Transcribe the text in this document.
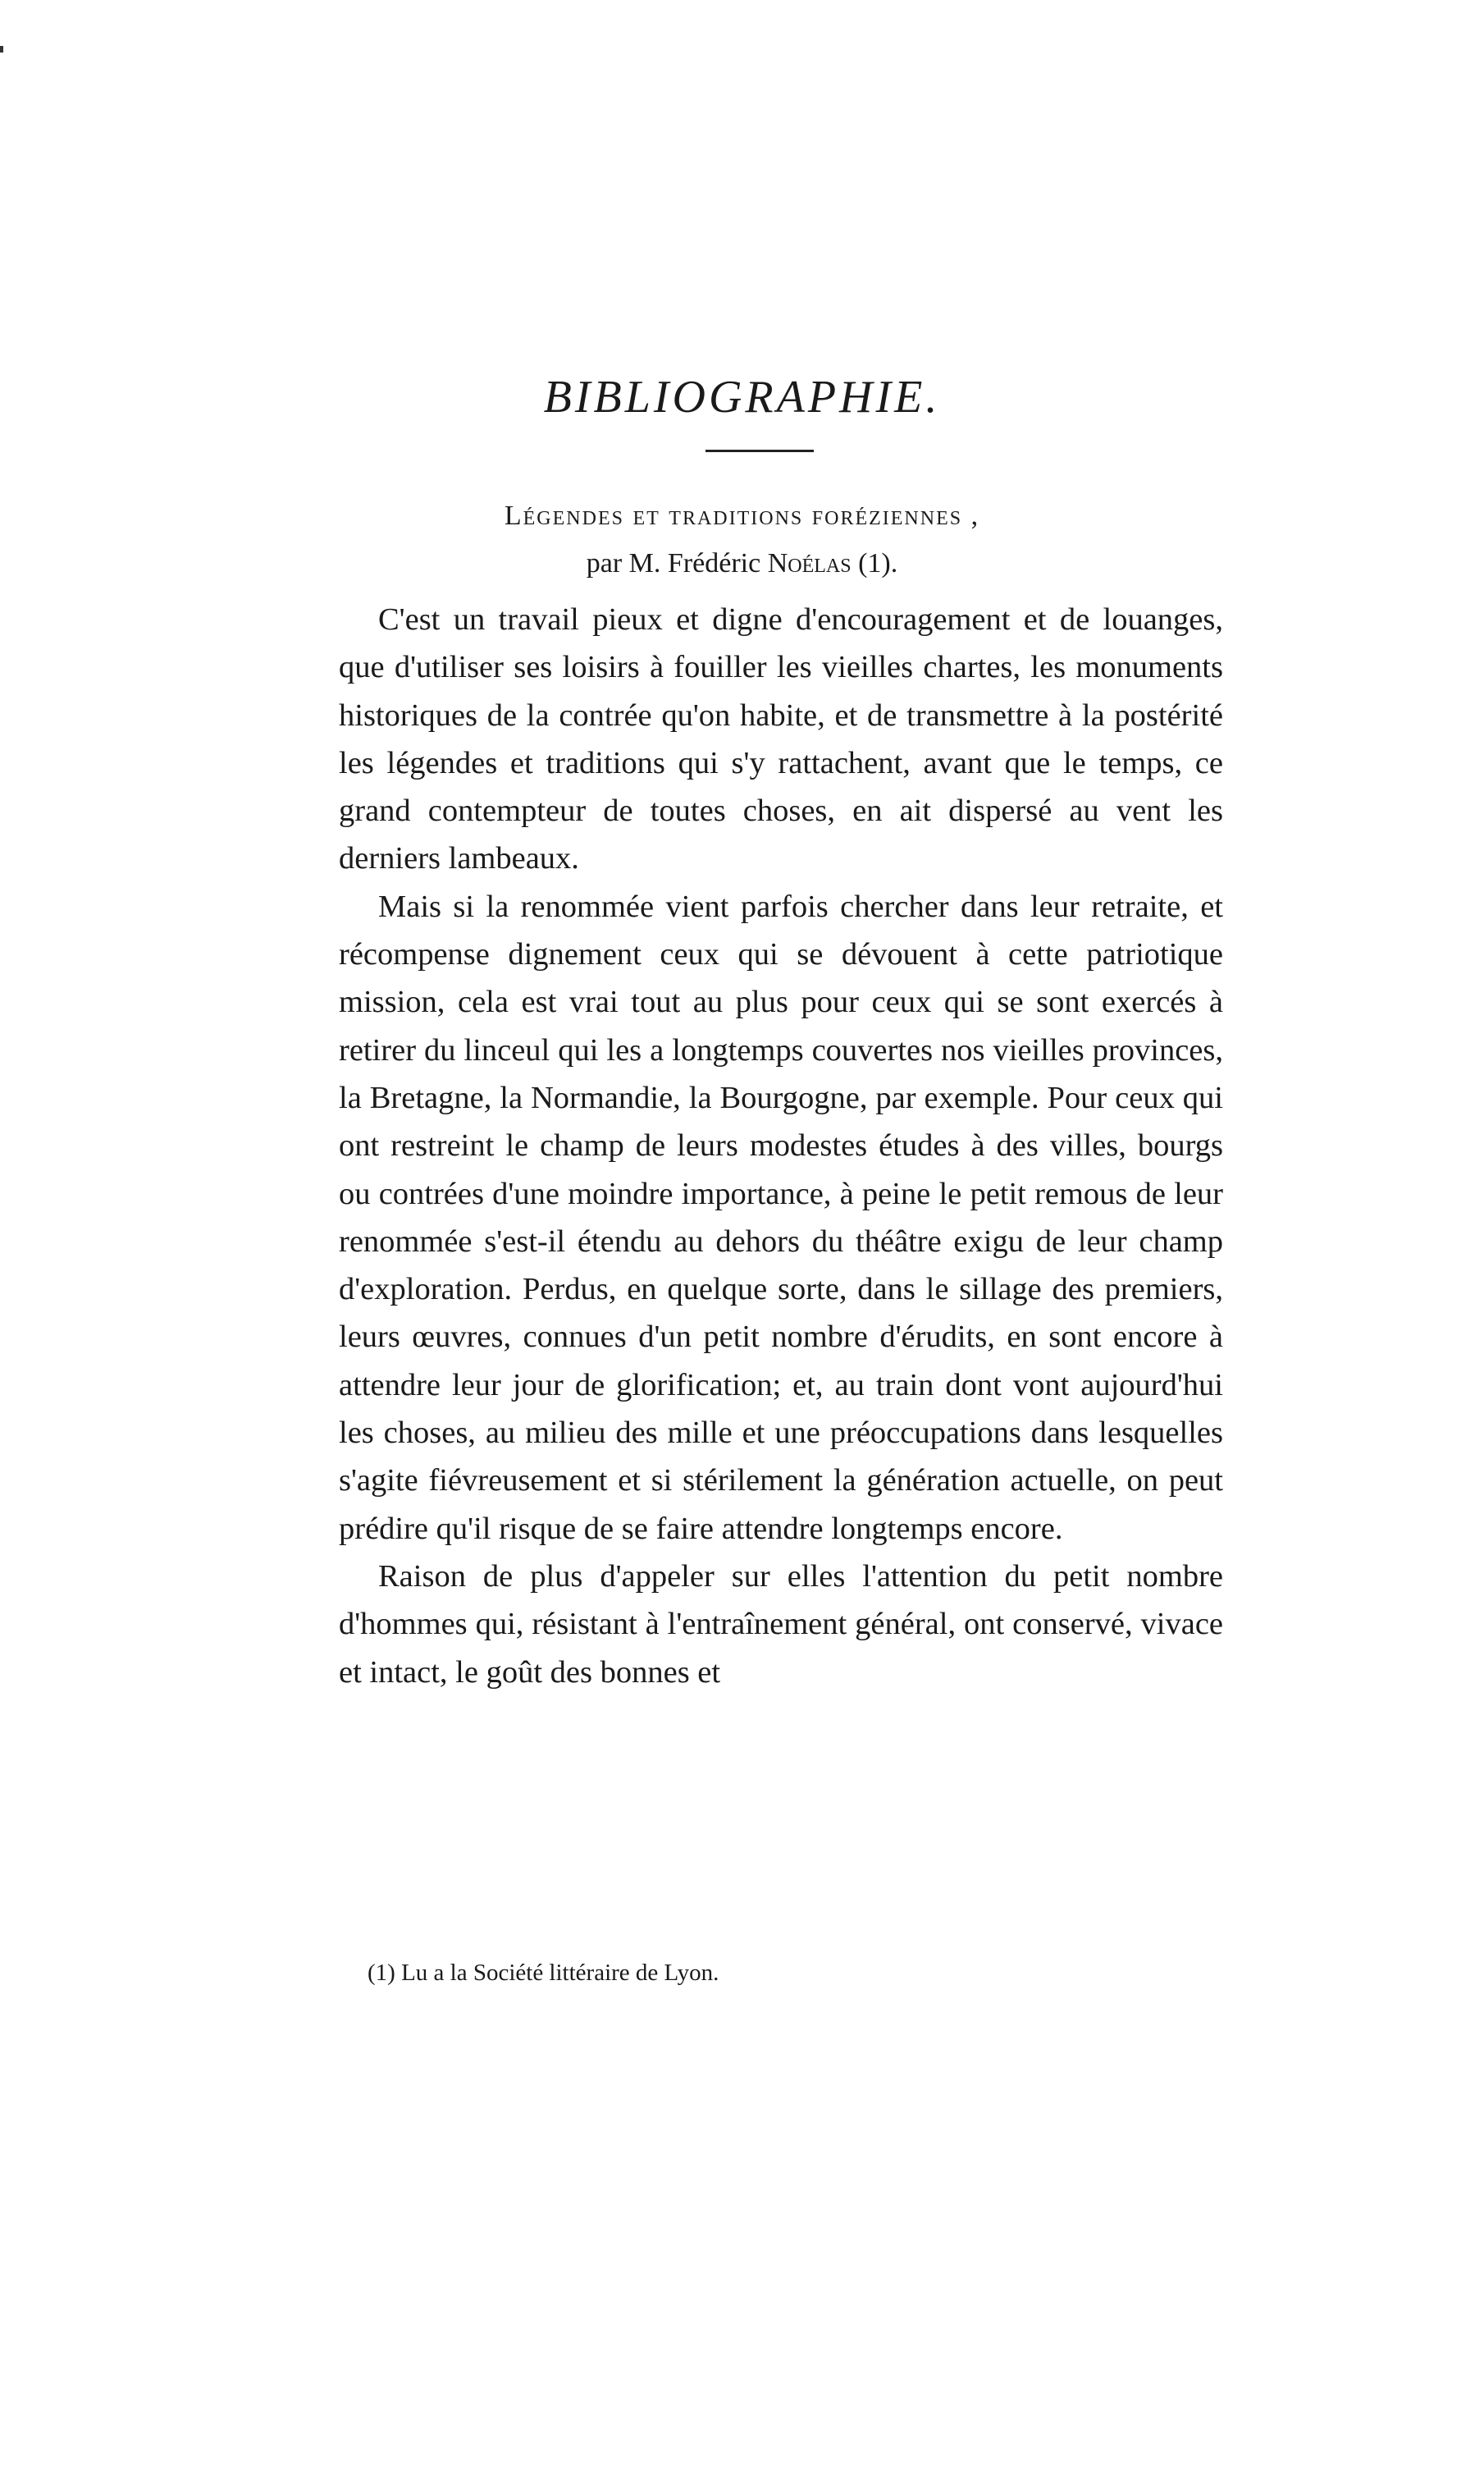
BIBLIOGRAPHIE.
Légendes et traditions foréziennes ,
par M. Frédéric Noélas (1).

C'est un travail pieux et digne d'encouragement et de louanges, que d'utiliser ses loisirs à fouiller les vieilles chartes, les monuments historiques de la contrée qu'on habite, et de transmettre à la postérité les légendes et traditions qui s'y rattachent, avant que le temps, ce grand contempteur de toutes choses, en ait dispersé au vent les derniers lambeaux.

Mais si la renommée vient parfois chercher dans leur retraite, et récompense dignement ceux qui se dévouent à cette patriotique mission, cela est vrai tout au plus pour ceux qui se sont exercés à retirer du linceul qui les a longtemps couvertes nos vieilles provinces, la Bretagne, la Normandie, la Bourgogne, par exemple. Pour ceux qui ont restreint le champ de leurs modestes études à des villes, bourgs ou contrées d'une moindre importance, à peine le petit remous de leur renommée s'est-il étendu au dehors du théâtre exigu de leur champ d'exploration. Perdus, en quelque sorte, dans le sillage des premiers, leurs œuvres, connues d'un petit nombre d'érudits, en sont encore à attendre leur jour de glorification; et, au train dont vont aujourd'hui les choses, au milieu des mille et une préoccupations dans lesquelles s'agite fiévreusement et si stérilement la génération actuelle, on peut prédire qu'il risque de se faire attendre longtemps encore.

Raison de plus d'appeler sur elles l'attention du petit nombre d'hommes qui, résistant à l'entraînement général, ont conservé, vivace et intact, le goût des bonnes et

(1) Lu a la Société littéraire de Lyon.
